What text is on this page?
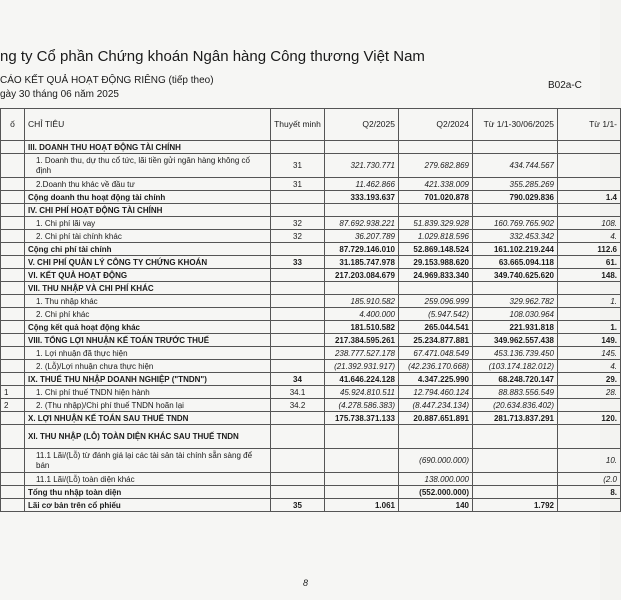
ng ty Cổ phần Chứng khoán Ngân hàng Công thương Việt Nam
CÁO KẾT QUẢ HOẠT ĐỘNG RIÊNG (tiếp theo)
gày 30 tháng 06 năm 2025
B02a-C
ố	CHỈ TIÊU	Thuyết minh	Q2/2025	Q2/2024	Từ 1/1-30/06/2025	Từ 1/1-
	III. DOANH THU HOẠT ĐỘNG TÀI CHÍNH					
	1. Doanh thu, dự thu cổ tức, lãi tiền gửi ngân hàng không cố định	31	321.730.771	279.682.869	434.744.567	
	2.Doanh thu khác về đầu tư	31	11.462.866	421.338.009	355.285.269	
	Cộng doanh thu hoạt động tài chính		333.193.637	701.020.878	790.029.836	1.4
	IV. CHI PHÍ HOẠT ĐỘNG TÀI CHÍNH					
	1. Chi phí lãi vay	32	87.692.938.221	51.839.329.928	160.769.765.902	108.
	2. Chi phí tài chính khác	32	36.207.789	1.029.818.596	332.453.342	4.
	Cộng chi phí tài chính		87.729.146.010	52.869.148.524	161.102.219.244	112.6
	V. CHI PHÍ QUẢN LÝ CÔNG TY CHỨNG KHOÁN	33	31.185.747.978	29.153.988.620	63.665.094.118	61.
	VI. KẾT QUẢ HOẠT ĐỘNG		217.203.084.679	24.969.833.340	349.740.625.620	148.
	VII. THU NHẬP VÀ CHI PHÍ KHÁC					
	1. Thu nhập khác		185.910.582	259.096.999	329.962.782	1.
	2. Chi phí khác		4.400.000	(5.947.542)	108.030.964	
	Cộng kết quả hoạt động khác		181.510.582	265.044.541	221.931.818	1.
	VIII. TỔNG LỢI NHUẬN KẾ TOÁN TRƯỚC THUẾ		217.384.595.261	25.234.877.881	349.962.557.438	149.
	1. Lợi nhuận đã thực hiện		238.777.527.178	67.471.048.549	453.136.739.450	145.
	2. (Lỗ)/Lợi nhuận chưa thực hiện		(21.392.931.917)	(42.236.170.668)	(103.174.182.012)	4.
	IX. THUẾ THU NHẬP DOANH NGHIỆP ("TNDN")	34	41.646.224.128	4.347.225.990	68.248.720.147	29.
1	1. Chi phí thuế TNDN hiện hành	34.1	45.924.810.511	12.794.460.124	88.883.556.549	28.
2	2. (Thu nhập)/Chi phí thuế TNDN hoãn lại	34.2	(4.278.586.383)	(8.447.234.134)	(20.634.836.402)	
	X. LỢI NHUẬN KẾ TOÁN SAU THUẾ TNDN		175.738.371.133	20.887.651.891	281.713.837.291	120.
	XI. THU NHẬP (LỖ) TOÀN DIỆN KHÁC SAU THUẾ TNDN					
	11.1 Lãi/(Lỗ) từ đánh giá lại các tài sản tài chính sẵn sàng để bán			(690.000.000)		10.
	11.1 Lãi/(Lỗ) toàn diện khác			138.000.000		(2.0
	Tổng thu nhập toàn diện			(552.000.000)		8.
	Lãi cơ bản trên cổ phiếu	35	1.061	140	1.792	
8
